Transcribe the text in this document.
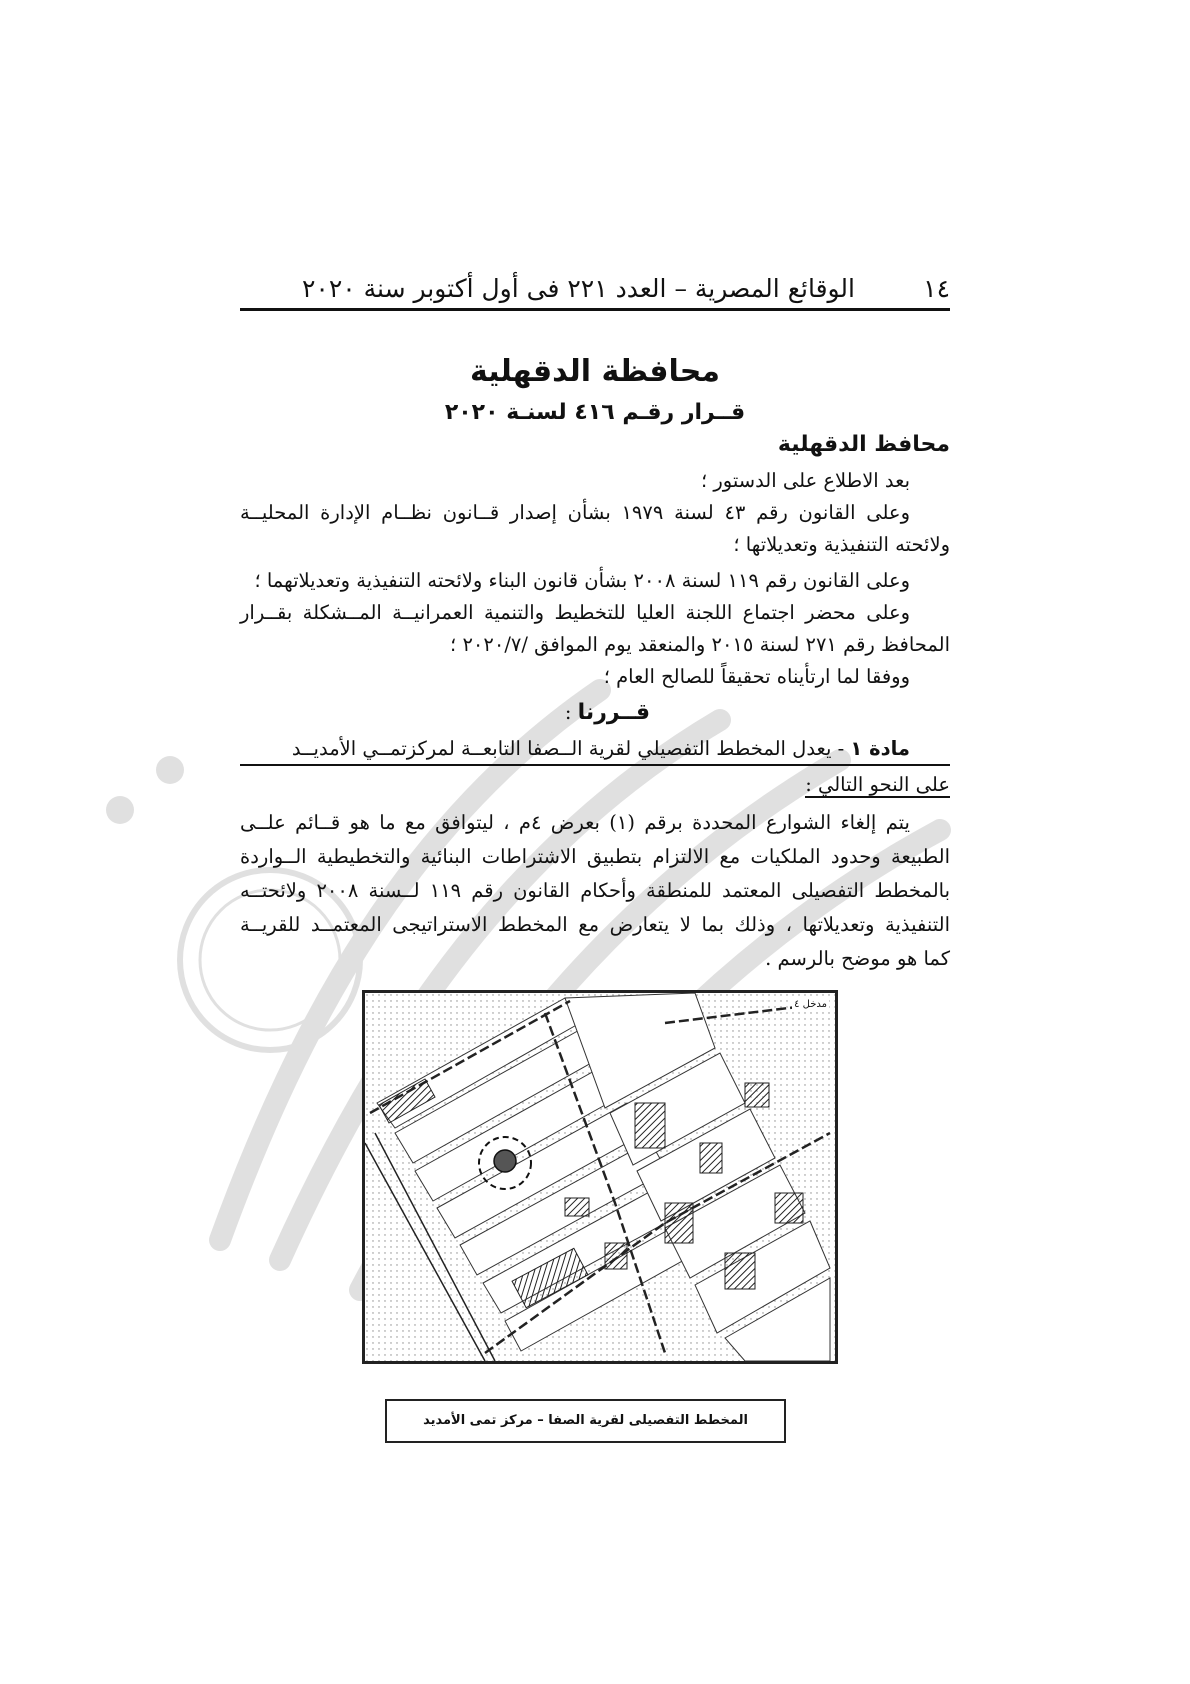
١٤
الوقائع المصرية – العدد ٢٢١ فى أول أكتوبر سنة ٢٠٢٠
محافظة الدقهلية
قــرار رقـم ٤١٦ لسنـة ٢٠٢٠
محافظ الدقهلية
بعد الاطلاع على الدستور ؛
وعلى القانون رقم ٤٣ لسنة ١٩٧٩ بشأن إصدار قــانون نظــام الإدارة المحليــة
ولائحته التنفيذية وتعديلاتها ؛
وعلى القانون رقم ١١٩ لسنة ٢٠٠٨ بشأن قانون البناء ولائحته التنفيذية وتعديلاتهما ؛
وعلى محضر اجتماع اللجنة العليا للتخطيط والتنمية العمرانيــة المــشكلة بقــرار
المحافظ رقم ٢٧١ لسنة ٢٠١٥ والمنعقد يوم الموافق /٢٠٢٠/٧ ؛
ووفقا لما ارتأيناه تحقيقاً للصالح العام ؛
قــررنا :
مادة ١ - يعدل المخطط التفصيلي لقرية الــصفا التابعــة لمركزتمــي الأمديــد
على النحو التالي :
يتم إلغاء الشوارع المحددة برقم (١) بعرض ٤م ، ليتوافق مع ما هو قــائم علــى
الطبيعة وحدود الملكيات مع الالتزام بتطبيق الاشتراطات البنائية والتخطيطية الــواردة
بالمخطط التفصيلى المعتمد للمنطقة وأحكام القانون رقم ١١٩ لــسنة ٢٠٠٨ ولائحتــه
التنفيذية وتعديلاتها ، وذلك بما لا يتعارض مع المخطط الاستراتيجى المعتمــد للقريــة
كما هو موضح بالرسم .
مدخل ٤
المخطط التفصيلى لقرية الصفا – مركز تمى الأمديد
